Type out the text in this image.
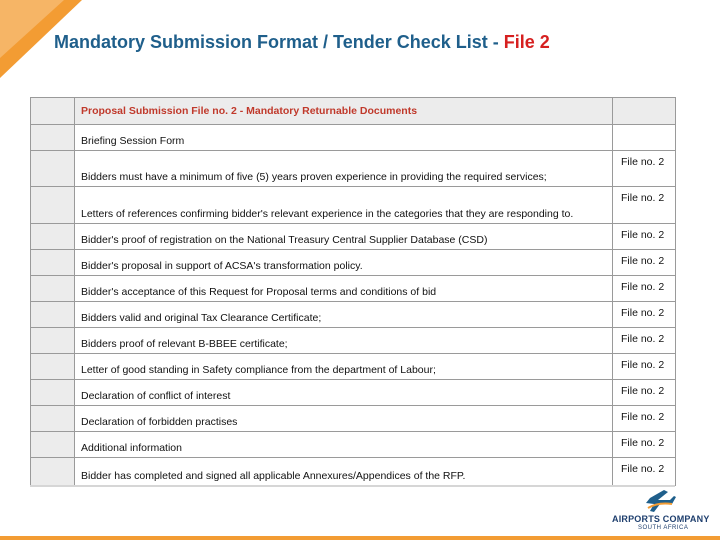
Mandatory Submission Format / Tender Check List - File 2
	Proposal Submission File no. 2 - Mandatory Returnable Documents	
	Briefing Session Form	
	Bidders must have a minimum of five (5) years proven experience in providing the required services;	File no. 2
	Letters of references confirming bidder's relevant experience in the categories that they are responding to.	File no. 2
	Bidder's proof of registration on the National Treasury Central Supplier Database (CSD)	File no. 2
	Bidder's proposal in support of ACSA's transformation policy.	File no. 2
	Bidder's acceptance of this Request for Proposal terms and conditions of bid	File no. 2
	Bidders valid and original Tax Clearance Certificate;	File no. 2
	Bidders proof of relevant B-BBEE certificate;	File no. 2
	Letter of good standing in Safety compliance from the department of Labour;	File no. 2
	Declaration of conflict of interest	File no. 2
	Declaration of forbidden practises	File no. 2
	Additional information	File no. 2
	Bidder has completed and signed all applicable Annexures/Appendices of the RFP.	File no. 2
AIRPORTS COMPANY
SOUTH AFRICA
